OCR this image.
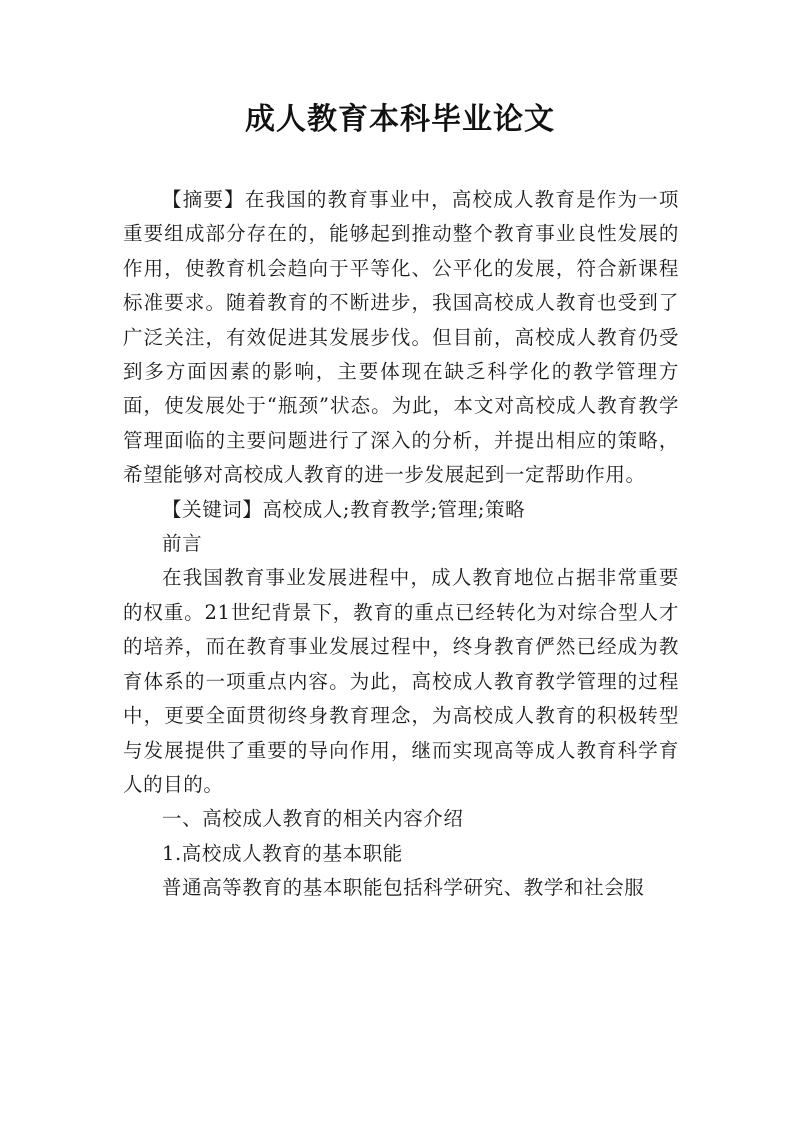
成人教育本科毕业论文

【摘要】在我国的教育事业中，高校成人教育是作为一项重要组成部分存在的，能够起到推动整个教育事业良性发展的作用，使教育机会趋向于平等化、公平化的发展，符合新课程标准要求。随着教育的不断进步，我国高校成人教育也受到了广泛关注，有效促进其发展步伐。但目前，高校成人教育仍受到多方面因素的影响，主要体现在缺乏科学化的教学管理方面，使发展处于“瓶颈”状态。为此，本文对高校成人教育教学管理面临的主要问题进行了深入的分析，并提出相应的策略，希望能够对高校成人教育的进一步发展起到一定帮助作用。

【关键词】高校成人;教育教学;管理;策略

前言

在我国教育事业发展进程中，成人教育地位占据非常重要的权重。21世纪背景下，教育的重点已经转化为对综合型人才的培养，而在教育事业发展过程中，终身教育俨然已经成为教育体系的一项重点内容。为此，高校成人教育教学管理的过程中，更要全面贯彻终身教育理念，为高校成人教育的积极转型与发展提供了重要的导向作用，继而实现高等成人教育科学育人的目的。

一、高校成人教育的相关内容介绍

1.高校成人教育的基本职能

普通高等教育的基本职能包括科学研究、教学和社会服
